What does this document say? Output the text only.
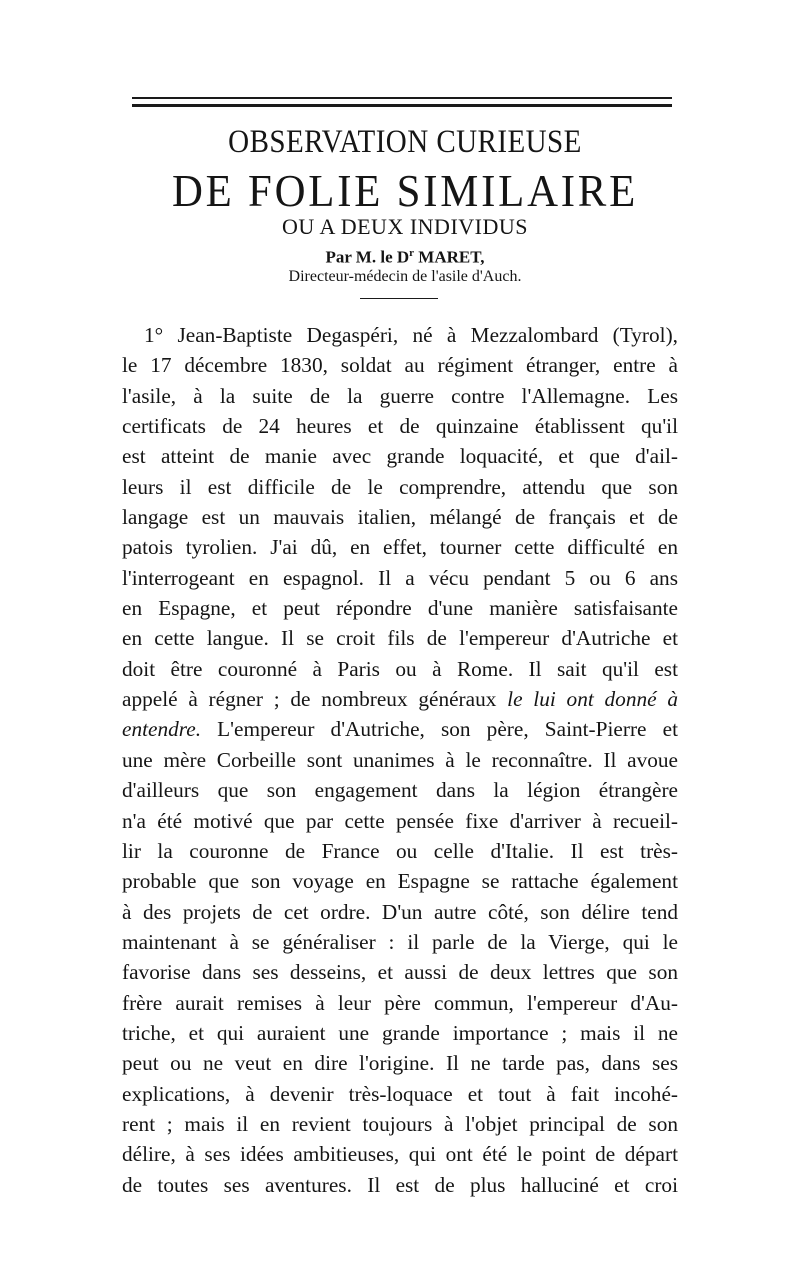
OBSERVATION CURIEUSE
DE FOLIE SIMILAIRE
OU A DEUX INDIVIDUS
Par M. le $D^r$ MARET,
Directeur-médecin de l'asile d'Auch.
1° Jean-Baptiste Degaspéri, né à Mezzalombard (Tyrol),
le 17 décembre 1830, soldat au régiment étranger, entre à
l'asile, à la suite de la guerre contre l'Allemagne. Les
certificats de 24 heures et de quinzaine établissent qu'il
est atteint de manie avec grande loquacité, et que d'ail-
leurs il est difficile de le comprendre, attendu que son
langage est un mauvais italien, mélangé de français et de
patois tyrolien. J'ai dû, en effet, tourner cette difficulté en
l'interrogeant en espagnol. Il a vécu pendant 5 ou 6 ans
en Espagne, et peut répondre d'une manière satisfaisante
en cette langue. Il se croit fils de l'empereur d'Autriche et
doit être couronné à Paris ou à Rome. Il sait qu'il est
appelé à régner ; de nombreux généraux le lui ont donné à
entendre. L'empereur d'Autriche, son père, Saint-Pierre et
une mère Corbeille sont unanimes à le reconnaître. Il avoue
d'ailleurs que son engagement dans la légion étrangère
n'a été motivé que par cette pensée fixe d'arriver à recueil-
lir la couronne de France ou celle d'Italie. Il est très-
probable que son voyage en Espagne se rattache également
à des projets de cet ordre. D'un autre côté, son délire tend
maintenant à se généraliser : il parle de la Vierge, qui le
favorise dans ses desseins, et aussi de deux lettres que son
frère aurait remises à leur père commun, l'empereur d'Au-
triche, et qui auraient une grande importance ; mais il ne
peut ou ne veut en dire l'origine. Il ne tarde pas, dans ses
explications, à devenir très-loquace et tout à fait incohé-
rent ; mais il en revient toujours à l'objet principal de son
délire, à ses idées ambitieuses, qui ont été le point de départ
de toutes ses aventures. Il est de plus halluciné et croi
